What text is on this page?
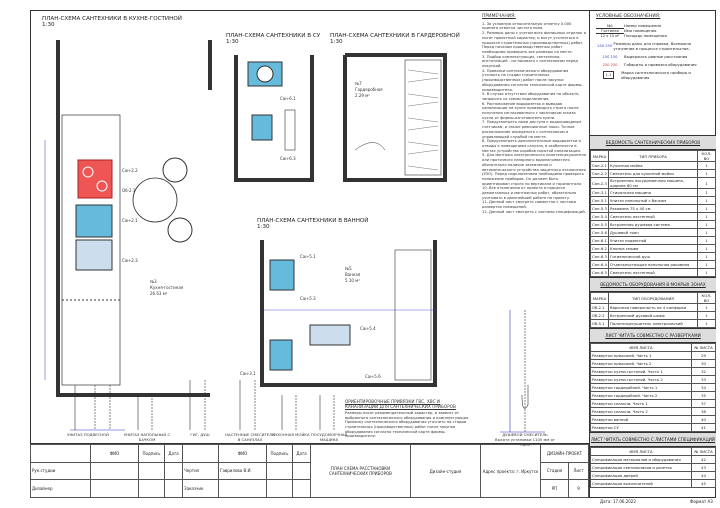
ПЛАН-СХЕМА САНТЕХНИКИ В КУХНЕ-ГОСТИНОЙ
1:30
ПЛАН-СХЕМА САНТЕХНИКИ В СУ
1:30
ПЛАН-СХЕМА САНТЕХНИКИ В ГАРДЕРОБНОЙ
1:30
ПЛАН-СХЕМА САНТЕХНИКИ В ВАННОЙ
1:30
№3
Кухня-гостиная
26.63 м²
Сан-2.2
Об-2.1
Сан-2.1
Сан-2.3
Сан-6.1
Сан-6.3
№7
Гардеробная
2.29 м²
№5
Ванная
5.10 м²
Сан-5.1
Сан-5.3
Сан-5.4
Сан-5.6
Сан-3.1
УНИТАЗ ПОДВЕСНОЙ	УНИТАЗ НАПОЛЬНЫЙ С БАЧКОМ
ГИГ. ДУШ	НАСТЕННЫЕ СМЕСИТЕЛИ В САНУЗЛАХ
КУХОННАЯ МОЙКА ПОСУДОМОЕЧНАЯ МАШИНА
ДУШЕВОЙ СМЕСИТЕЛЬ
Высота установки 1100 мм от пола
ОРИЕНТИРОВОЧНЫЕ ПРИВЯЗКИ ГВС, ХВС И КАНАЛИЗАЦИИ ДЛЯ САНТЕХНИЧЕСКИХ ПРИБОРОВ

Размеры носят рекомендательный характер, и зависят от выбранного сантехнического оборудования и комплектующих. Привязку сантехнического оборудования уточнить на стадии строительных (производственных) работ после закупки оборудования согласно технической карте фирмы-производителя.

ПРИМЕЧАНИЯ:
1. За условную относительную отметку 0.000 принята отметка чистого пола.
2. Размеры даны с учетом всех финишных отделок и носят проектный характер, и могут уточняться в процессе строительных (производственных) работ. Перед началом производственных работ необходимо проверить все размеры на месте.
3. Подбор комплектующих, сантехники, инсталляций - согласовать с сантехником перед покупкой.
4. Привязки сантехнического оборудования уточнить на стадии строительных (производственных) работ после закупки оборудования согласно технической карте фирмы-производителя.
5. В случае отсутствия оборудования на объекте, запросить со схемы подключения.
6. Расположение водорозеток и выводов канализации на кухне производить строго после получения согласованного с заказчиком эскиза кухни от фирмы-изготовителя кухни.
7. Предусмотреть люки доступа к водопроводным счетчикам, а также ревизионные люки. Точное расположение определить с сантехником и управляющей службой на месте.
8. Предусмотреть дополнительные водорозетки и отводы к помещениям санузла, в особенности в местах устройства коробов скрытой канализации.
9. Для монтажа электрического полотенцесушителя или проточного напорного водонагревателя обязательно наличие заземления и автоматического устройства защитного отключения (УЗО). Перед подключением необходимо проверить положение приборов. Он должен быть ориентирован строго по вертикали и горизонтали.
10. Все отклонения от проекта в процессе демонтажных и монтажных работ, обязательно учитывать в дальнейшей работе по проекту.
11. Данный лист смотреть совместно с листами разверток помещений.
12. Данный лист смотреть с листами спецификаций.
УСЛОВНЫЕ ОБОЗНАЧЕНИЯ:
№1
Гостиная
12 x 15 м²
Номер помещения
Имя помещения
Площадь помещения
250 250 Размеры даны для справки. Возможно уточнение в процессе строительства.
150 150	Выдержать равные расстояния
250 250	Габариты и привязки оборудования
1.1	Марка сантехнического прибора и оборудования
ВЕДОМОСТЬ САНТЕХНИЧЕСКИХ ПРИБОРОВ
МАРКА	ТИП ПРИБОРА	КОЛ-ВО
Сан-2.1	Кухонная мойка	1
Сан-2.2	Смеситель для кухонной мойки	1
Сан-2.3	Встроенная посудомоечная машина, ширина 60 см	1
Сан-3.1	Стиральная машина	1
Сан-5.1	Унитаз напольный с бачком	1
Сан-5.3	Раковина 75 x 40 см	1
Сан-5.4	Смеситель настенный	1
Сан-5.5	Встроенная душевая система	1
Сан-5.6	Душевой трап	1
Сан-6.1	Унитаз подвесной	1
Сан-6.2	Кнопка смыва	1
Сан-6.3	Гигиенический душ	1
Сан-6.4	Отдельностоящая напольная раковина	1
Сан-6.5	Смеситель настенный	1
ВЕДОМОСТЬ ОБОРУДОВАНИЯ В МОКРЫХ ЗОНАХ
МАРКА	ТИП ОБОРУДОВАНИЯ	КОЛ-ВО
Об.2.1	Варочная поверхность на 4 конфорки	1
Об.2.2	Встроенный духовой шкаф	1
Об.5.1	Полотенцесушитель электрический	1
ЛИСТ ЧИТАТЬ СОВМЕСТНО С РАЗВЕРТКАМИ
ИМЯ ЛИСТА	№ ЛИСТА
Развертки прихожей. Часть 1	29
Развертки прихожей. Часть 2	30
Развертки кухни-гостиной. Часть 1	32
Развертки кухни-гостиной. Часть 2	33
Развертки гардеробной. Часть 1	34
Развертки гардеробной. Часть 2	35
Развертки спальни. Часть 1	37
Развертки спальни. Часть 2	38
Развертки ванной	40
Развертки СУ	41
ЛИСТ ЧИТАТЬ СОВМЕСТНО С ЛИСТАМИ СПЕЦИФИКАЦИЙ
ИМЯ ЛИСТА	№ ЛИСТА
Спецификация материалов и оборудования	42
Спецификация светильников и розеток	43
Спецификация дверей	44
Спецификация выключателей	45
	ФИО	Подпись	Дата		ФИО	Подпись	Дата	ПЛАН СХЕМА РАССТАНОВКИ САНТЕХНИЧЕСКИХ ПРИБОРОВ	Дизайн-студия	Адрес проекта: г. Иркутск	ДИЗАЙН-ПРОЕКТ	
Рук.студии				Чертил	Гаврилова В.И.						Стадия	Лист
Дизайнер				Заказчик							РП	9
Дата: 17.06.2022	Формат А3
